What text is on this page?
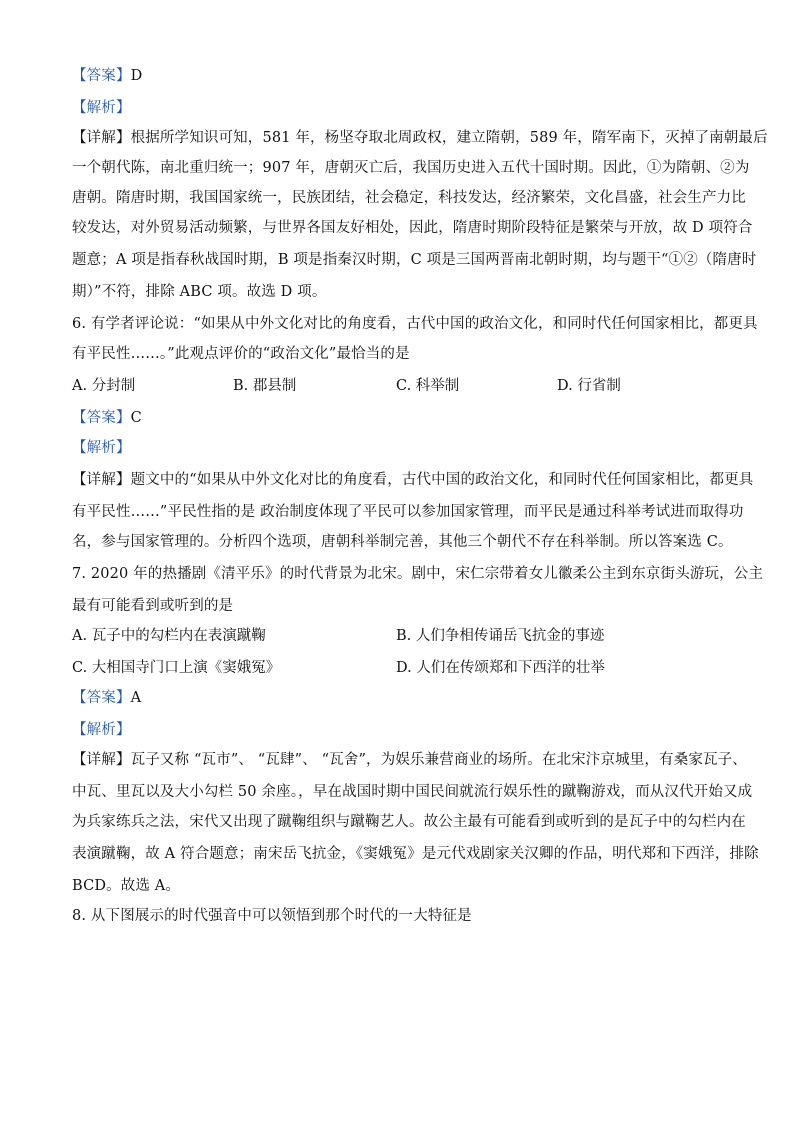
【答案】D
【解析】
【详解】根据所学知识可知，581 年，杨坚夺取北周政权，建立隋朝，589 年，隋军南下，灭掉了南朝最后
一个朝代陈，南北重归统一；907 年，唐朝灭亡后，我国历史进入五代十国时期。因此，①为隋朝、②为
唐朝。隋唐时期，我国国家统一，民族团结，社会稳定，科技发达，经济繁荣，文化昌盛，社会生产力比
较发达，对外贸易活动频繁，与世界各国友好相处，因此，隋唐时期阶段特征是繁荣与开放，故 D 项符合
题意；A 项是指春秋战国时期，B 项是指秦汉时期，C 项是三国两晋南北朝时期，均与题干“①②（隋唐时
期）”不符，排除 ABC 项。故选 D 项。
6. 有学者评论说：“如果从中外文化对比的角度看，古代中国的政治文化，和同时代任何国家相比，都更具
有平民性……。”此观点评价的“政治文化”最恰当的是
A. 分封制	B. 郡县制	C. 科举制	D. 行省制
【答案】C
【解析】
【详解】题文中的“如果从中外文化对比的角度看，古代中国的政治文化，和同时代任何国家相比，都更具
有平民性……”平民性指的是 政治制度体现了平民可以参加国家管理，而平民是通过科举考试进而取得功
名，参与国家管理的。分析四个选项，唐朝科举制完善，其他三个朝代不存在科举制。所以答案选 C。
7. 2020 年的热播剧《清平乐》的时代背景为北宋。剧中，宋仁宗带着女儿徽柔公主到东京街头游玩，公主
最有可能看到或听到的是
A. 瓦子中的勾栏内在表演蹴鞠	B. 人们争相传诵岳飞抗金的事迹
C. 大相国寺门口上演《窦娥冤》	D. 人们在传颂郑和下西洋的壮举
【答案】A
【解析】
【详解】瓦子又称 “瓦市”、 “瓦肆”、 “瓦舍”，为娱乐兼营商业的场所。在北宋汴京城里，有桑家瓦子、
中瓦、里瓦以及大小勾栏 50 余座。，早在战国时期中国民间就流行娱乐性的蹴鞠游戏，而从汉代开始又成
为兵家练兵之法，宋代又出现了蹴鞠组织与蹴鞠艺人。故公主最有可能看到或听到的是瓦子中的勾栏内在
表演蹴鞠，故 A 符合题意；南宋岳飞抗金，《窦娥冤》是元代戏剧家关汉卿的作品，明代郑和下西洋，排除
BCD。故选 A。
8. 从下图展示的时代强音中可以领悟到那个时代的一大特征是
